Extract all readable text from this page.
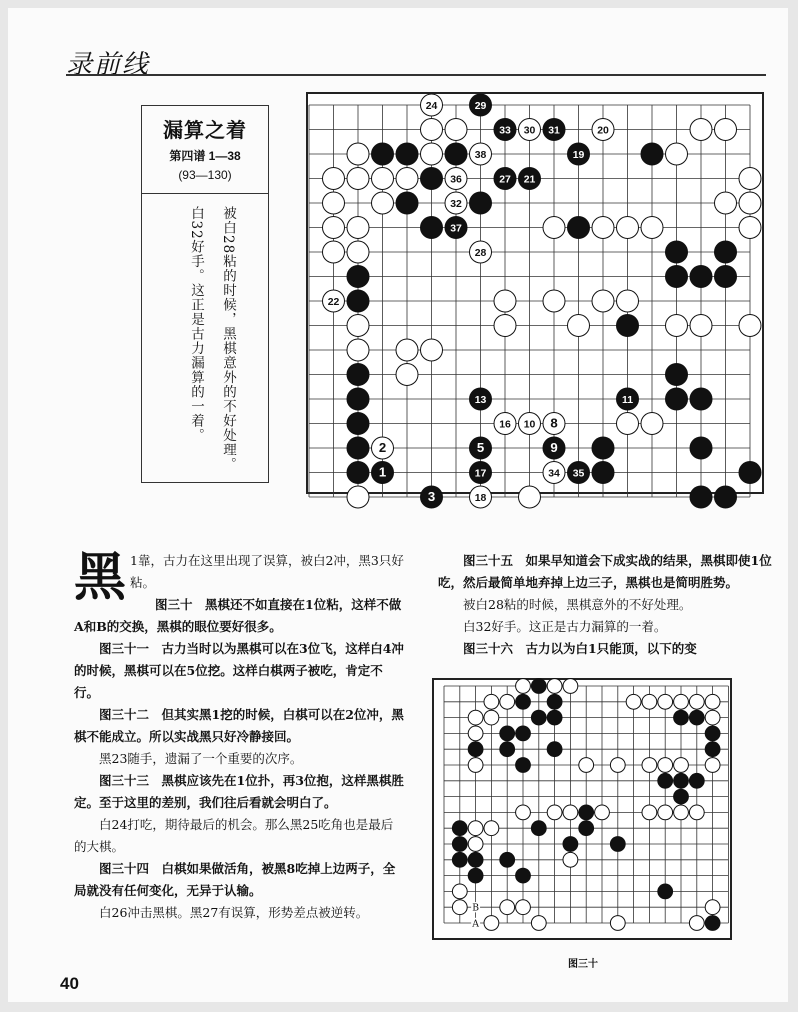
录前线
漏算之着
第四谱 1—38
(93—130)
被白28粘的时候，黑棋意外的不好处理。
白32好手。这正是古力漏算的一着。
24	29
33 30 31	20
19
38
36	27 21
32
37
28
22
13	11
16 10 8
2	5	9
1	17	34 35
3	18
黑 1靠，古力在这里出现了误算，被白2冲，黑3只好粘。

图三十　黑棋还不如直接在1位粘，这样不做A和B的交换，黑棋的眼位要好很多。

图三十一　古力当时以为黑棋可以在3位飞，这样白4冲的时候，黑棋可以在5位挖。这样白棋两子被吃，肯定不行。

图三十二　但其实黑1挖的时候，白棋可以在2位冲，黑棋不能成立。所以实战黑只好冷静接回。

黑23随手，遗漏了一个重要的次序。

图三十三　黑棋应该先在1位扑，再3位抱，这样黑棋胜定。至于这里的差别，我们往后看就会明白了。

白24打吃，期待最后的机会。那么黑25吃角也是最后的大棋。

图三十四　白棋如果做活角，被黑8吃掉上边两子，全局就没有任何变化，无异于认输。

白26冲击黑棋。黑27有误算，形势差点被逆转。

图三十五　如果早知道会下成实战的结果，黑棋即使1位吃，然后最简单地弃掉上边三子，黑棋也是简明胜势。

被白28粘的时候，黑棋意外的不好处理。

白32好手。这正是古力漏算的一着。

图三十六　古力以为白1只能顶，以下的变

B
A
图三十
40
